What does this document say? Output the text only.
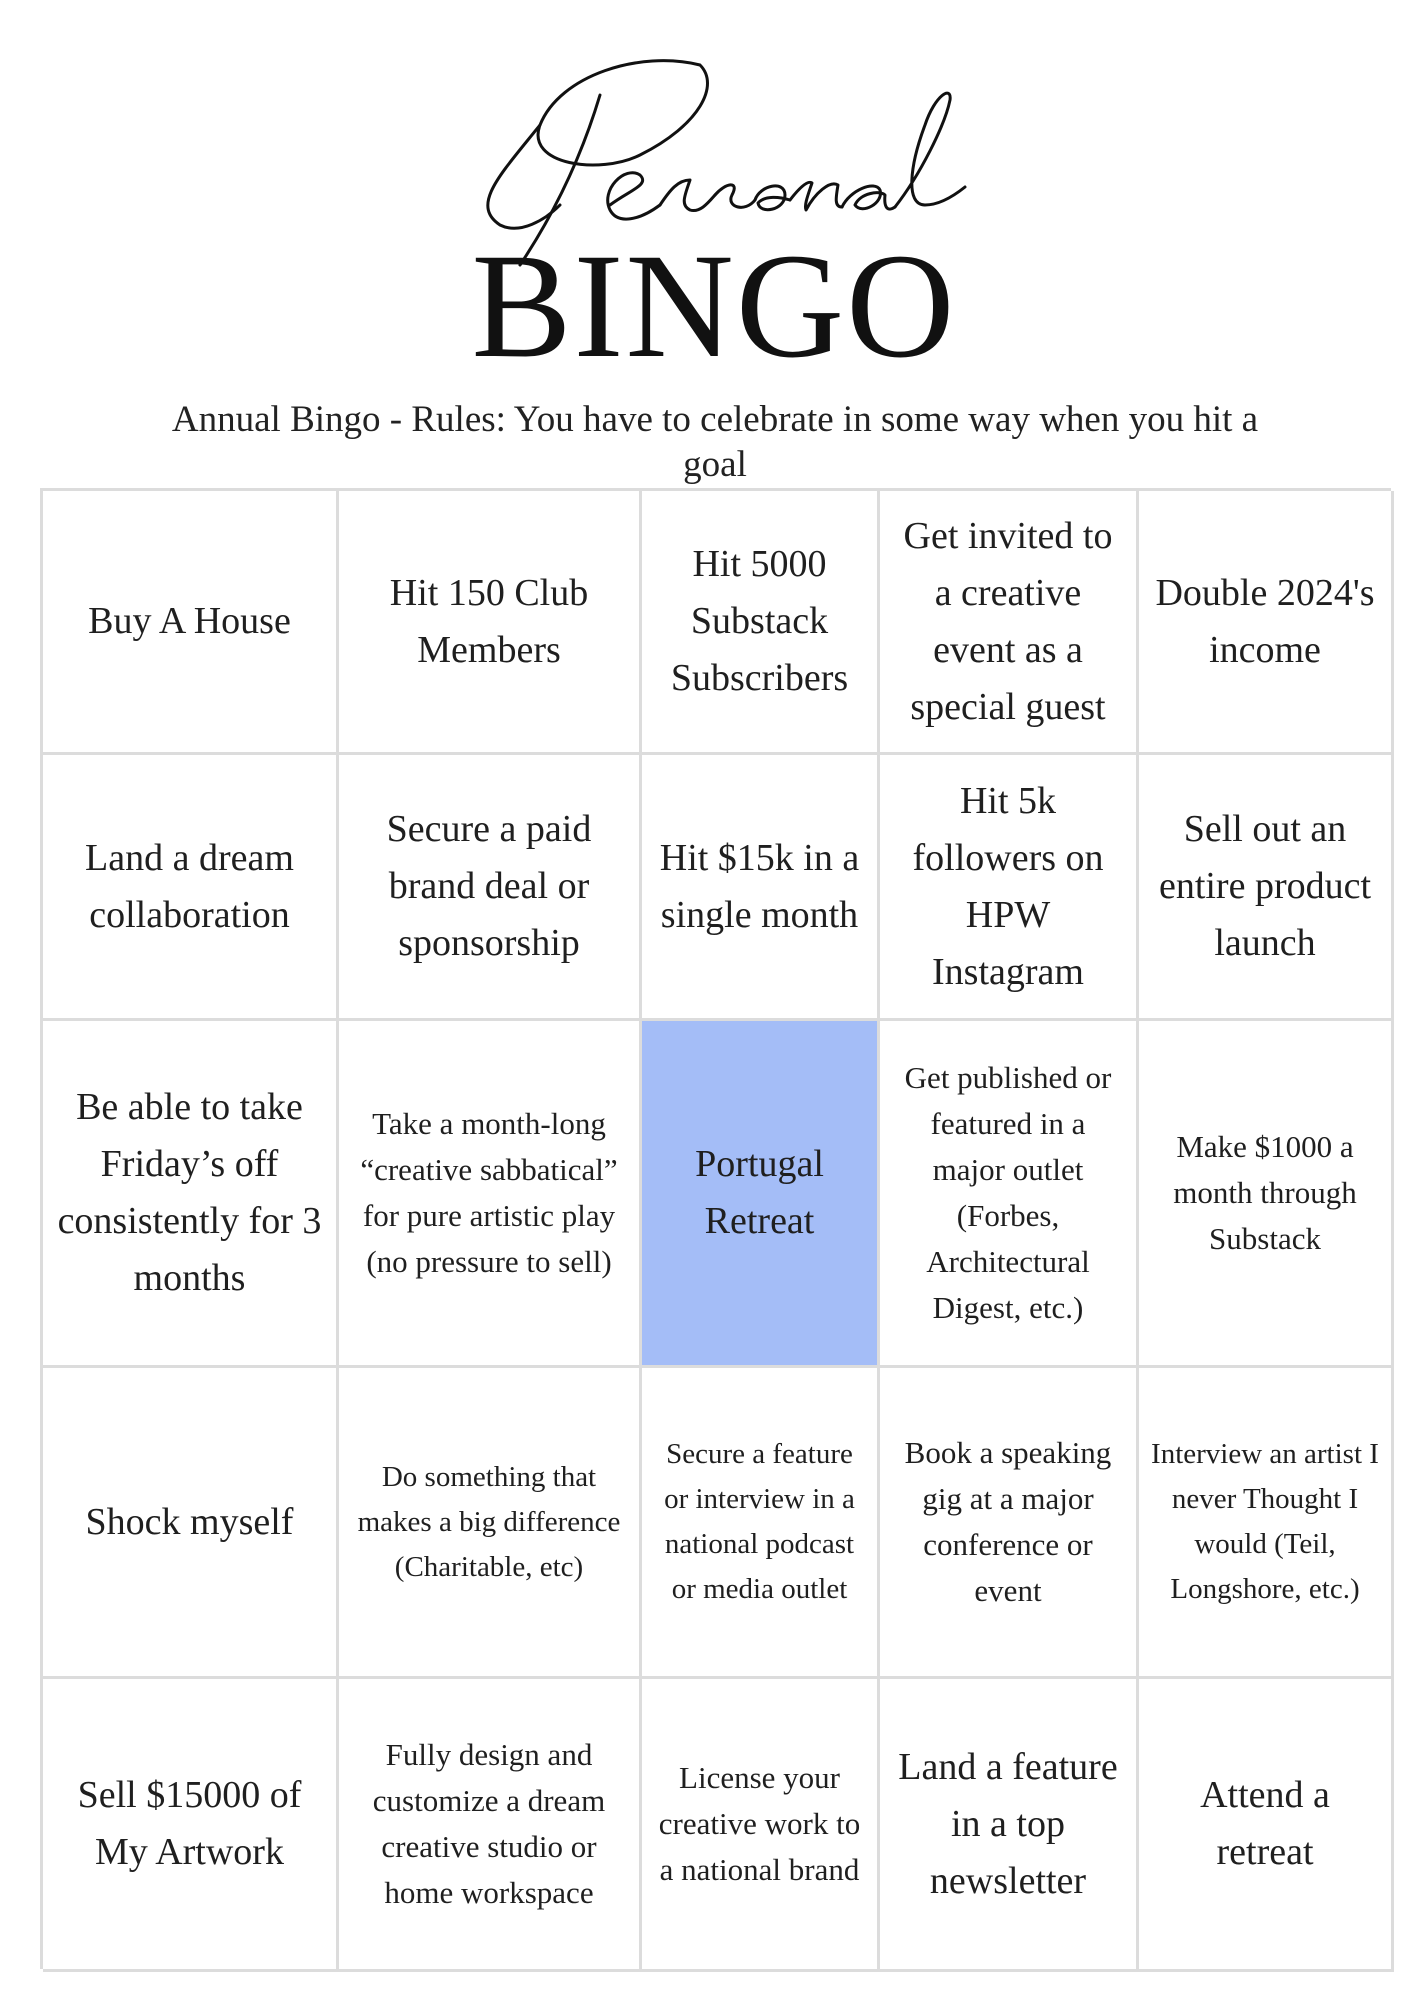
BINGO
Annual Bingo - Rules: You have to celebrate in some way when you hit a goal
Buy A House
Hit 150 Club Members
Hit 5000 Substack Subscribers
Get invited to a creative event as a special guest
Double 2024's income
Land a dream collaboration
Secure a paid brand deal or sponsorship
Hit $15k in a single month
Hit 5k followers on HPW Instagram
Sell out an entire product launch
Be able to take Friday’s off consistently for 3 months
Take a month-long “creative sabbatical” for pure artistic play (no pressure to sell)
Portugal Retreat
Get published or featured in a major outlet (Forbes, Architectural Digest, etc.)
Make $1000 a month through Substack
Shock myself
Do something that makes a big difference (Charitable, etc)
Secure a feature or interview in a national podcast or media outlet
Book a speaking gig at a major conference or event
Interview an artist I never Thought I would (Teil, Longshore, etc.)
Sell $15000 of My Artwork
Fully design and customize a dream creative studio or home workspace
License your creative work to a national brand
Land a feature in a top newsletter
Attend a retreat
